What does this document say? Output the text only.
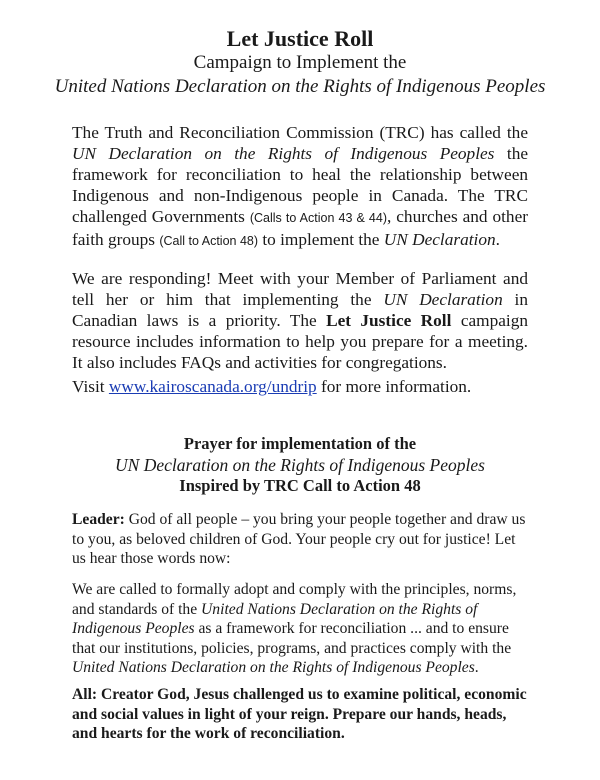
Let Justice Roll
Campaign to Implement the
United Nations Declaration on the Rights of Indigenous Peoples

The Truth and Reconciliation Commission (TRC) has called the UN Declaration on the Rights of Indigenous Peoples the framework for reconciliation to heal the relationship between Indigenous and non-Indigenous people in Canada. The TRC challenged Governments (Calls to Action 43 & 44), churches and other faith groups (Call to Action 48) to implement the UN Declaration.

We are responding! Meet with your Member of Parliament and tell her or him that implementing the UN Declaration in Canadian laws is a priority. The Let Justice Roll campaign resource includes information to help you prepare for a meeting. It also includes FAQs and activities for congregations.

Visit www.kairoscanada.org/undrip for more information.

Prayer for implementation of the
UN Declaration on the Rights of Indigenous Peoples
Inspired by TRC Call to Action 48

Leader: God of all people – you bring your people together and draw us to you, as beloved children of God. Your people cry out for justice! Let us hear those words now:

We are called to formally adopt and comply with the principles, norms, and standards of the United Nations Declaration on the Rights of Indigenous Peoples as a framework for reconciliation ... and to ensure that our institutions, policies, programs, and practices comply with the United Nations Declaration on the Rights of Indigenous Peoples.

All: Creator God, Jesus challenged us to examine political, economic and social values in light of your reign. Prepare our hands, heads, and hearts for the work of reconciliation.
